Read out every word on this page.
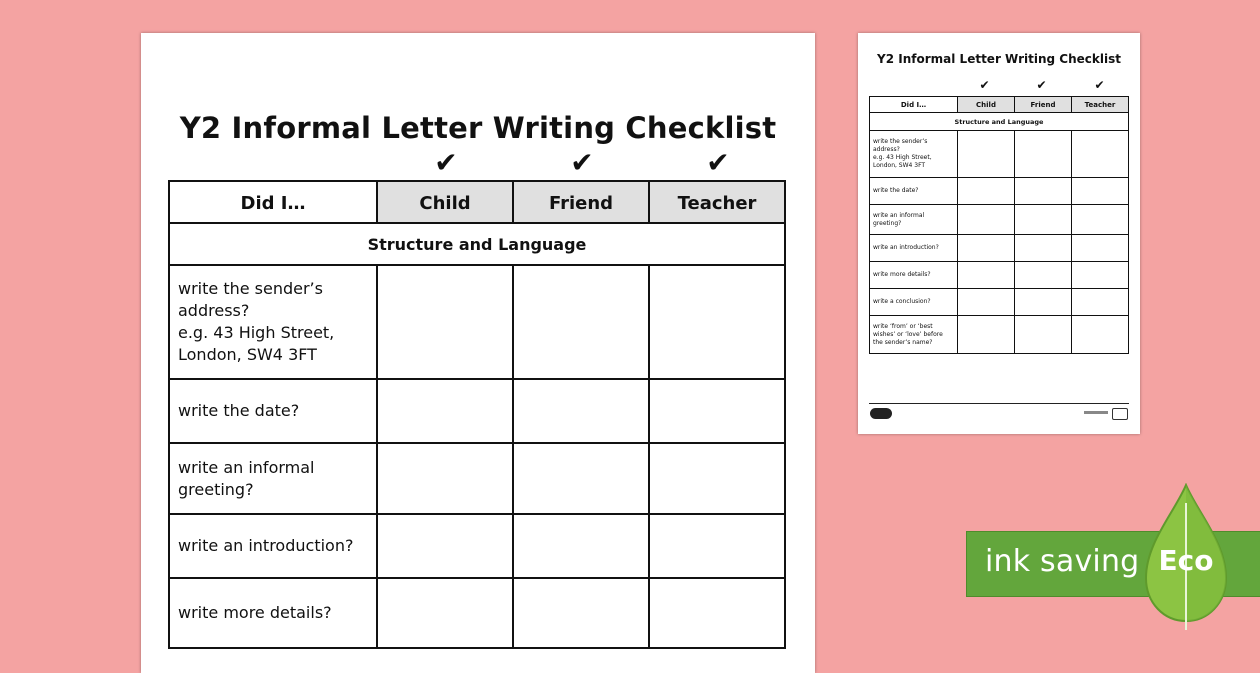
Y2 Informal Letter Writing Checklist
✔	✔	✔
Did I…	Child	Friend	Teacher
Structure and Language			

write the sender’s
address?
e.g. 43 High Street,
London, SW4 3FT			

write the date?			

write an informal
greeting?			

write an introduction?			

write more details?			

Y2 Informal Letter Writing Checklist
✔	✔	✔
Did I…	Child	Friend	Teacher
Structure and Language			

write the sender’s
address?
e.g. 43 High Street,
London, SW4 3FT			

write the date?			

write an informal
greeting?			

write an introduction?			

write more details?			

write a conclusion?			

write ‘from’ or ‘best
wishes’ or ‘love’ before
the sender’s name?			

ink saving Eco
